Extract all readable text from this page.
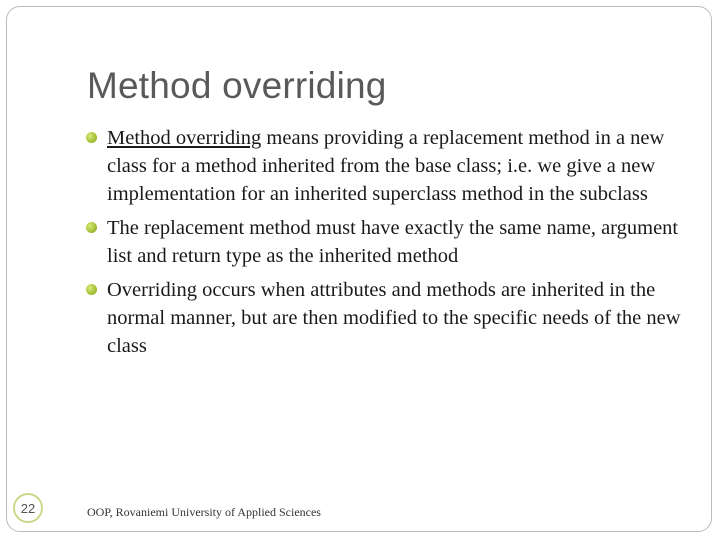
Method overriding
Method overriding means providing a replacement method in a new class for a method inherited from the base class; i.e. we give a new implementation for an inherited superclass method in the subclass
The replacement method must have exactly the same name, argument list and return type as the inherited method
Overriding occurs when attributes and methods are inherited in the normal manner, but are then modified to the specific needs of the new class
OOP, Rovaniemi University of Applied Sciences
22
